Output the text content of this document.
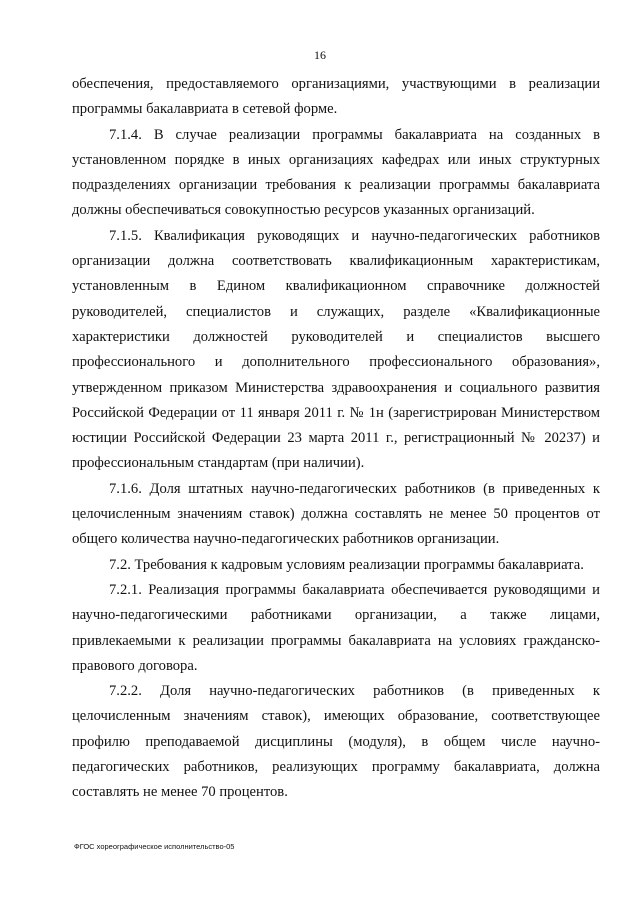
16

обеспечения, предоставляемого организациями, участвующими в реализации программы бакалавриата в сетевой форме.

7.1.4. В случае реализации программы бакалавриата на созданных в установленном порядке в иных организациях кафедрах или иных структурных подразделениях организации требования к реализации программы бакалавриата должны обеспечиваться совокупностью ресурсов указанных организаций.

7.1.5. Квалификация руководящих и научно-педагогических работников организации должна соответствовать квалификационным характеристикам, установленным в Едином квалификационном справочнике должностей руководителей, специалистов и служащих, разделе «Квалификационные характеристики должностей руководителей и специалистов высшего профессионального и дополнительного профессионального образования», утвержденном приказом Министерства здравоохранения и социального развития Российской Федерации от 11 января 2011 г. № 1н (зарегистрирован Министерством юстиции Российской Федерации 23 марта 2011 г., регистрационный № 20237) и профессиональным стандартам (при наличии).

7.1.6. Доля штатных научно-педагогических работников (в приведенных к целочисленным значениям ставок) должна составлять не менее 50 процентов от общего количества научно-педагогических работников организации.

7.2. Требования к кадровым условиям реализации программы бакалавриата.

7.2.1. Реализация программы бакалавриата обеспечивается руководящими и научно-педагогическими работниками организации, а также лицами, привлекаемыми к реализации программы бакалавриата на условиях гражданско-правового договора.

7.2.2. Доля научно-педагогических работников (в приведенных к целочисленным значениям ставок), имеющих образование, соответствующее профилю преподаваемой дисциплины (модуля), в общем числе научно-педагогических работников, реализующих программу бакалавриата, должна составлять не менее 70 процентов.

ФГОС хореографическое исполнительство-05
